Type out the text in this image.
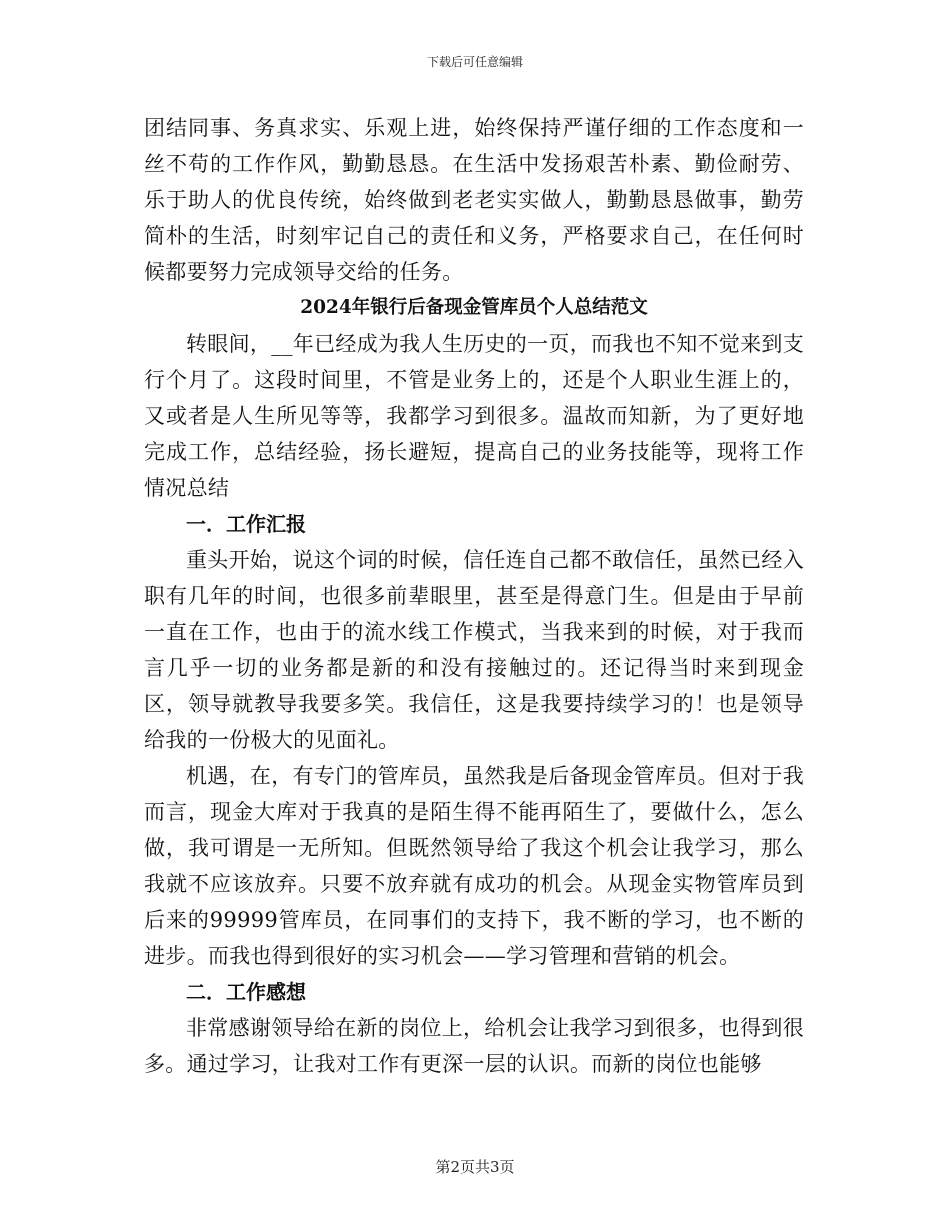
下载后可任意编辑

团结同事、务真求实、乐观上进，始终保持严谨仔细的工作态度和一丝不苟的工作作风，勤勤恳恳。在生活中发扬艰苦朴素、勤俭耐劳、乐于助人的优良传统，始终做到老老实实做人，勤勤恳恳做事，勤劳简朴的生活，时刻牢记自己的责任和义务，严格要求自己，在任何时候都要努力完成领导交给的任务。

2024年银行后备现金管库员个人总结范文

转眼间，__年已经成为我人生历史的一页，而我也不知不觉来到支行个月了。这段时间里，不管是业务上的，还是个人职业生涯上的，又或者是人生所见等等，我都学习到很多。温故而知新，为了更好地完成工作，总结经验，扬长避短，提高自己的业务技能等，现将工作情况总结

一．工作汇报

重头开始，说这个词的时候，信任连自己都不敢信任，虽然已经入职有几年的时间，也很多前辈眼里，甚至是得意门生。但是由于早前一直在工作，也由于的流水线工作模式，当我来到的时候，对于我而言几乎一切的业务都是新的和没有接触过的。还记得当时来到现金区，领导就教导我要多笑。我信任，这是我要持续学习的！也是领导给我的一份极大的见面礼。

机遇，在，有专门的管库员，虽然我是后备现金管库员。但对于我而言，现金大库对于我真的是陌生得不能再陌生了，要做什么，怎么做，我可谓是一无所知。但既然领导给了我这个机会让我学习，那么我就不应该放弃。只要不放弃就有成功的机会。从现金实物管库员到后来的99999管库员，在同事们的支持下，我不断的学习，也不断的进步。而我也得到很好的实习机会——学习管理和营销的机会。

二．工作感想

非常感谢领导给在新的岗位上，给机会让我学习到很多，也得到很多。通过学习，让我对工作有更深一层的认识。而新的岗位也能够

第2页共3页
